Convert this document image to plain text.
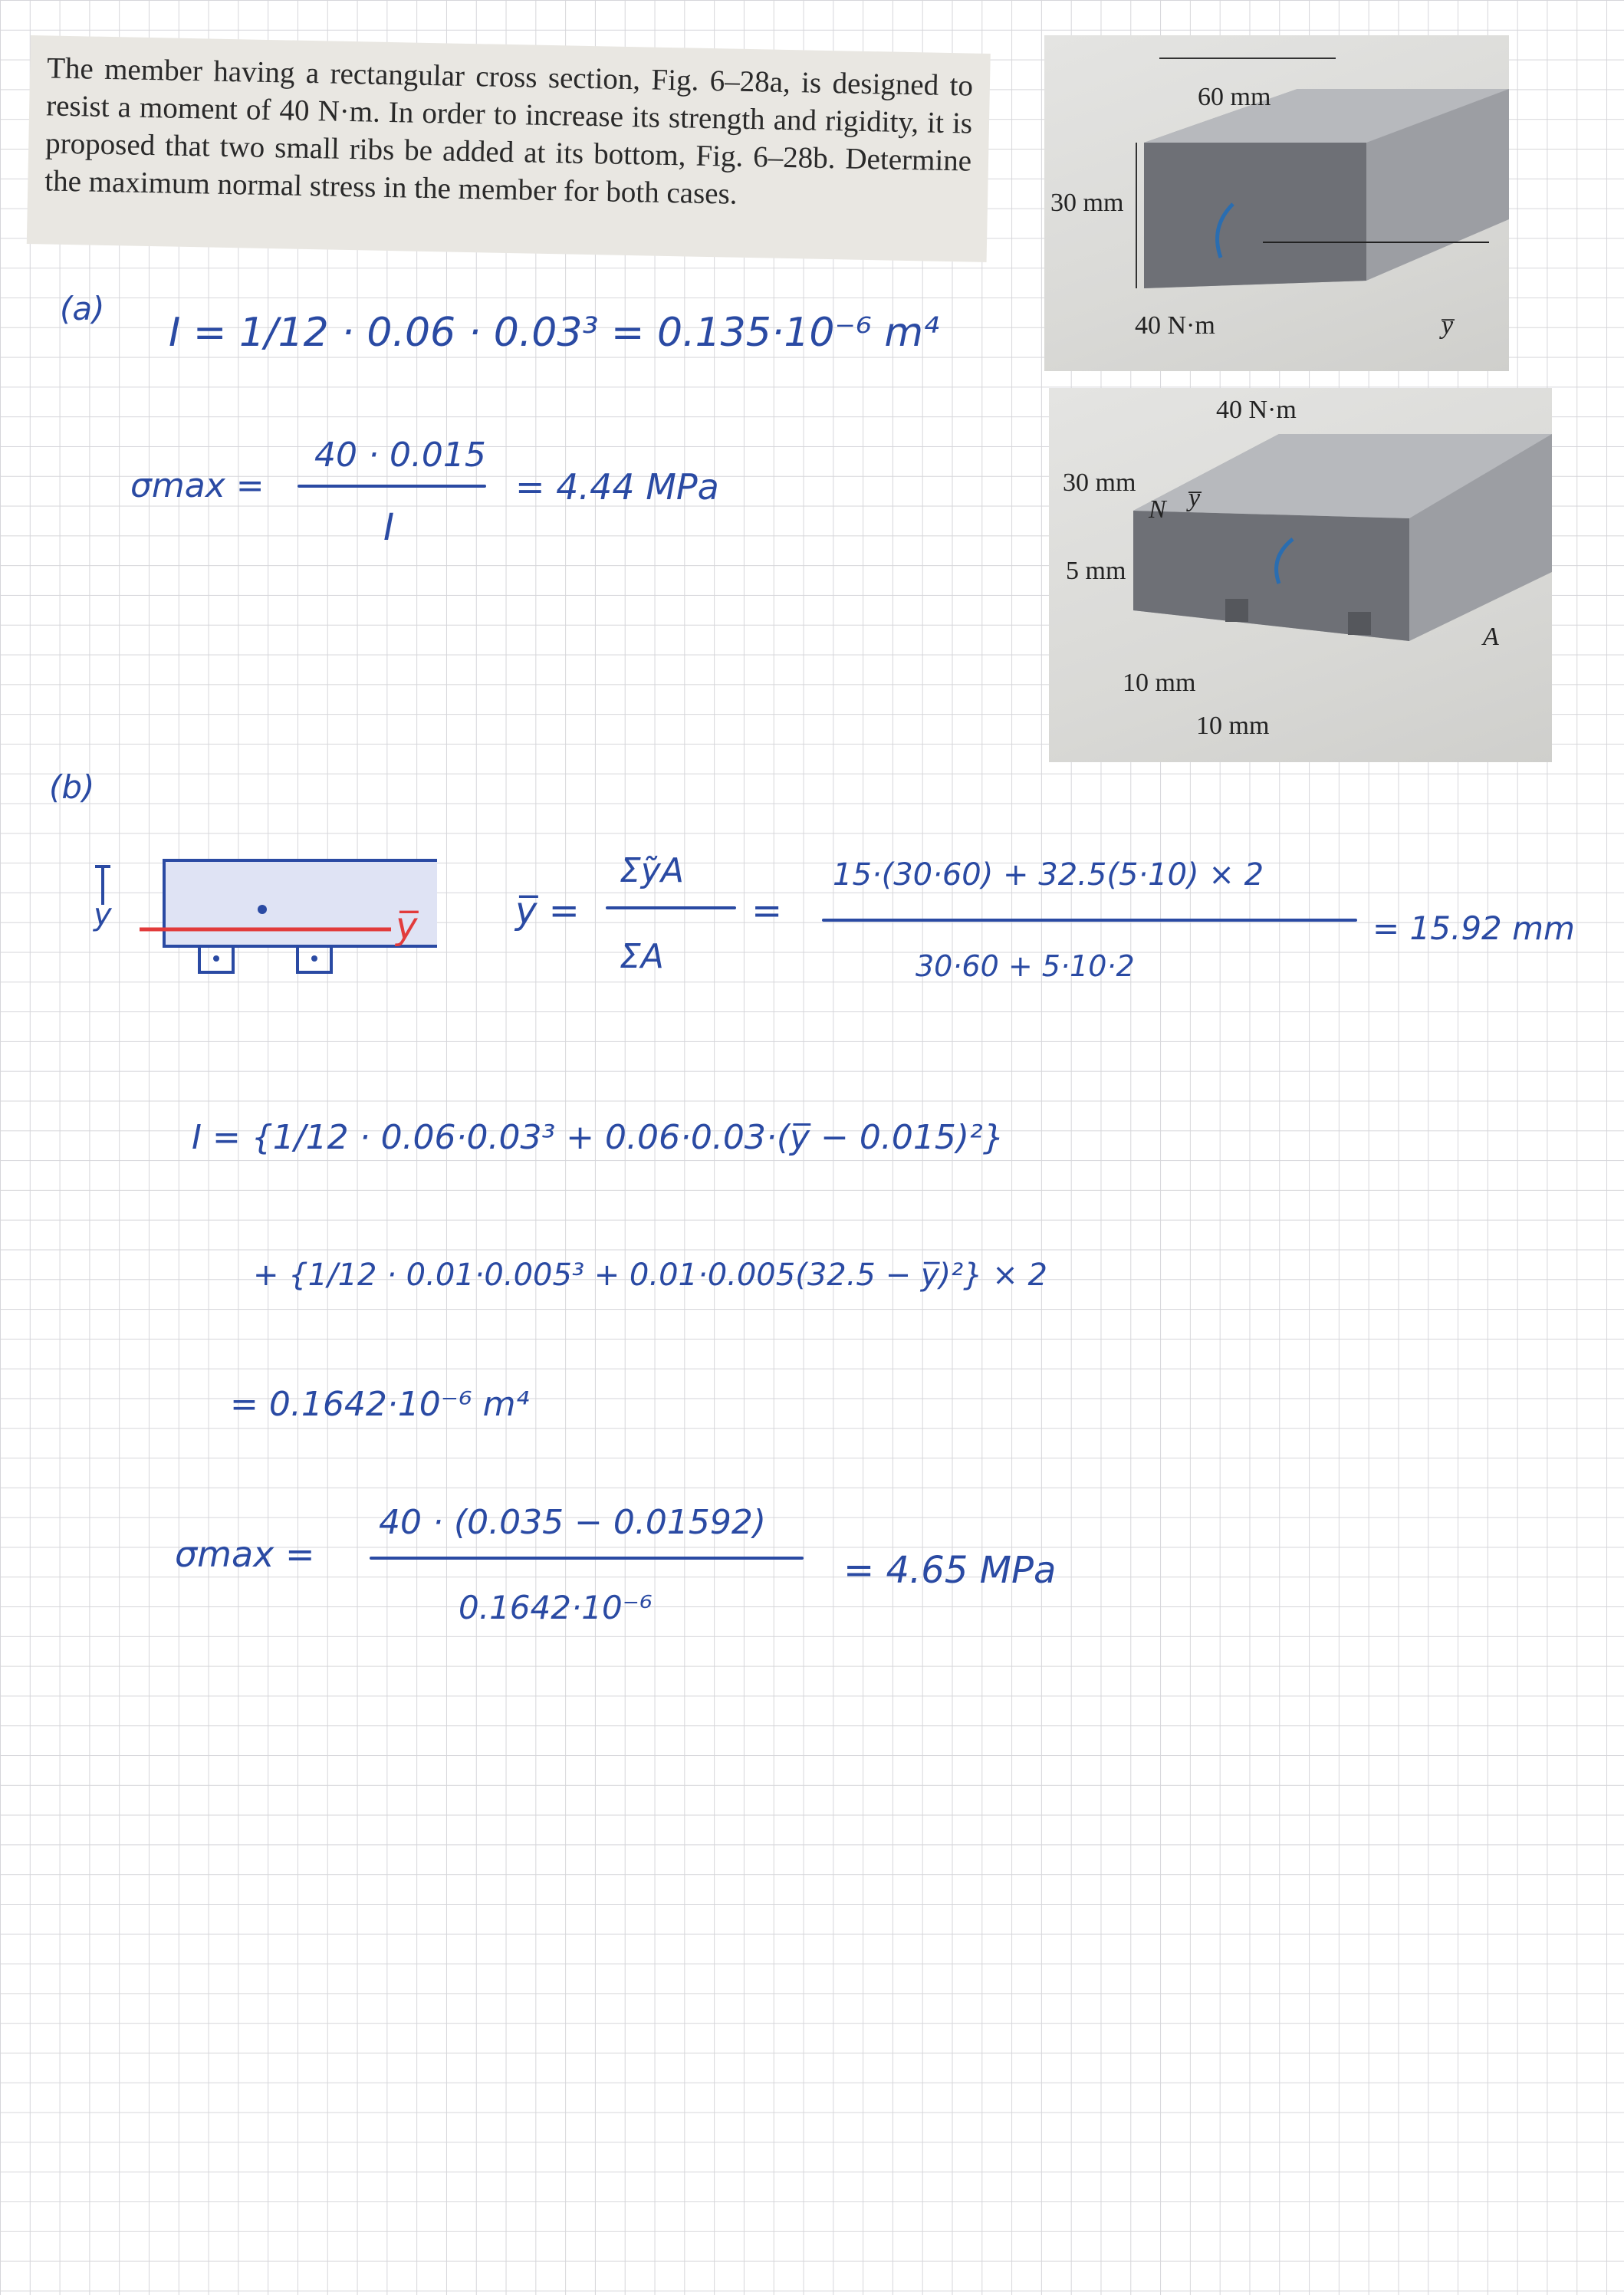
The member having a rectangular cross section, Fig. 6–28a, is designed to resist a moment of 40 N·m. In order to increase its strength and rigidity, it is proposed that two small ribs be added at its bottom, Fig. 6–28b. Determine the maximum normal stress in the member for both cases.
60 mm
30 mm
40 N·m	y̅
40 N·m
30 mm
N y̅
5 mm
A
10 mm
10 mm
(a)
I = 1/12 · 0.06 · 0.03³ = 0.135·10⁻⁶ m⁴
σmax =
40 · 0.015
I
= 4.44 MPa
(b)
y	y̅	y̅ =
ΣỹA
ΣA
=
15·(30·60) + 32.5(5·10) × 2
30·60 + 5·10·2
= 15.92 mm
I = {1/12 · 0.06·0.03³ + 0.06·0.03·(y̅ − 0.015)²}
+ {1/12 · 0.01·0.005³ + 0.01·0.005(32.5 − y̅)²} × 2
= 0.1642·10⁻⁶ m⁴
σmax =
40 · (0.035 − 0.01592)
0.1642·10⁻⁶
= 4.65 MPa
